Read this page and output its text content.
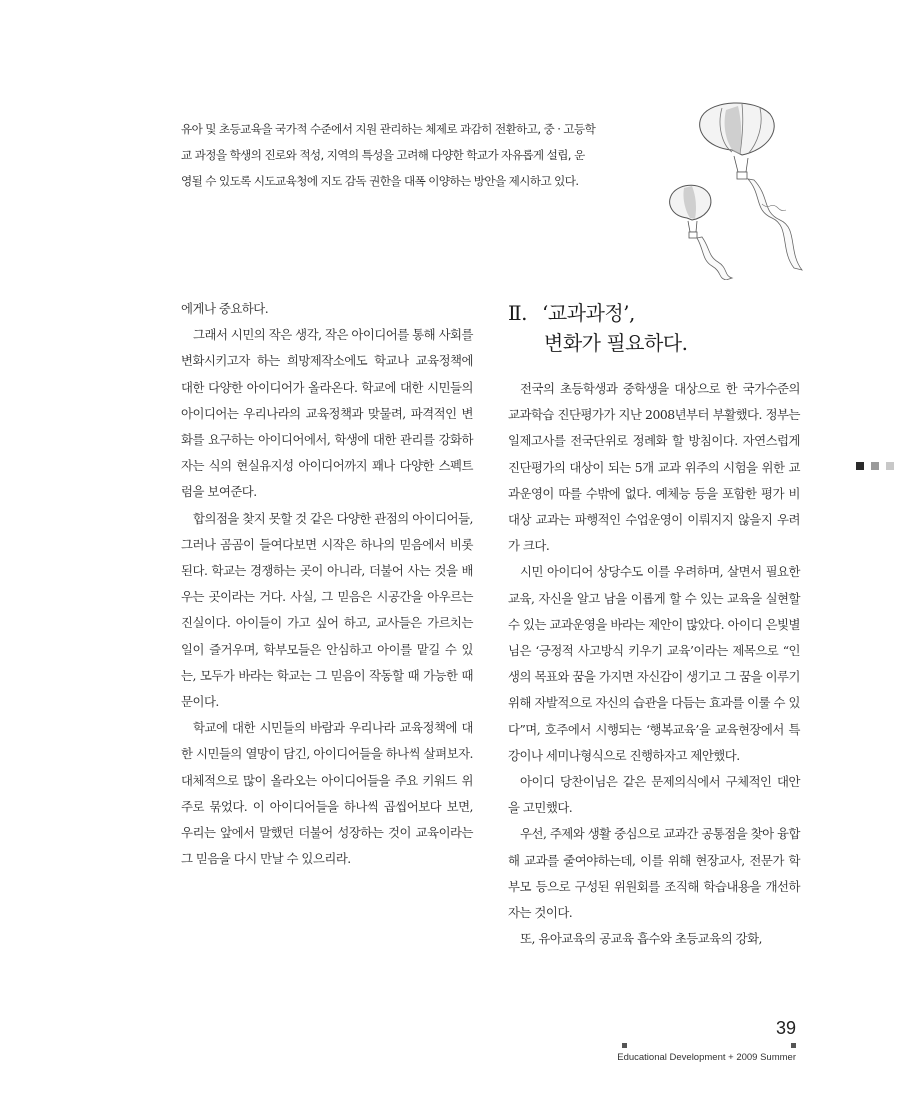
유아 및 초등교육을 국가적 수준에서 지원 관리하는 체제로 과감히 전환하고, 중 · 고등학

교 과정을 학생의 진로와 적성, 지역의 특성을 고려해 다양한 학교가 자유롭게 설립, 운

영될 수 있도록 시도교육청에 지도 감독 권한을 대폭 이양하는 방안을 제시하고 있다.

에게나 중요하다.

그래서 시민의 작은 생각, 작은 아이디어를 통해 사회를 변화시키고자 하는 희망제작소에도 학교나 교육정책에 대한 다양한 아이디어가 올라온다. 학교에 대한 시민들의 아이디어는 우리나라의 교육정책과 맞물려, 파격적인 변화를 요구하는 아이디어에서, 학생에 대한 관리를 강화하자는 식의 현실유지성 아이디어까지 꽤나 다양한 스펙트럼을 보여준다.

합의점을 찾지 못할 것 같은 다양한 관점의 아이디어들, 그러나 곰곰이 들여다보면 시작은 하나의 믿음에서 비롯된다. 학교는 경쟁하는 곳이 아니라, 더불어 사는 것을 배우는 곳이라는 거다. 사실, 그 믿음은 시공간을 아우르는 진실이다. 아이들이 가고 싶어 하고, 교사들은 가르치는 일이 즐거우며, 학부모들은 안심하고 아이를 맡길 수 있는, 모두가 바라는 학교는 그 믿음이 작동할 때 가능한 때문이다.

학교에 대한 시민들의 바람과 우리나라 교육정책에 대한 시민들의 열망이 담긴, 아이디어들을 하나씩 살펴보자. 대체적으로 많이 올라오는 아이디어들을 주요 키워드 위주로 묶었다. 이 아이디어들을 하나씩 곱씹어보다 보면, 우리는 앞에서 말했던 더불어 성장하는 것이 교육이라는 그 믿음을 다시 만날 수 있으리라.

Ⅱ. ‘교과과정’,
변화가 필요하다.

전국의 초등학생과 중학생을 대상으로 한 국가수준의 교과학습 진단평가가 지난 2008년부터 부활했다. 정부는 일제고사를 전국단위로 정례화 할 방침이다. 자연스럽게 진단평가의 대상이 되는 5개 교과 위주의 시험을 위한 교과운영이 따를 수밖에 없다. 예체능 등을 포함한 평가 비대상 교과는 파행적인 수업운영이 이뤄지지 않을지 우려가 크다.

시민 아이디어 상당수도 이를 우려하며, 살면서 필요한 교육, 자신을 알고 남을 이롭게 할 수 있는 교육을 실현할 수 있는 교과운영을 바라는 제안이 많았다. 아이디 은빛별님은 ‘긍정적 사고방식 키우기 교육’이라는 제목으로 “인생의 목표와 꿈을 가지면 자신감이 생기고 그 꿈을 이루기 위해 자발적으로 자신의 습관을 다듬는 효과를 이룰 수 있다”며, 호주에서 시행되는 ‘행복교육’을 교육현장에서 특강이나 세미나형식으로 진행하자고 제안했다.

아이디 당찬이님은 같은 문제의식에서 구체적인 대안을 고민했다.

우선, 주제와 생활 중심으로 교과간 공통점을 찾아 융합해 교과를 줄여야하는데, 이를 위해 현장교사, 전문가 학부모 등으로 구성된 위원회를 조직해 학습내용을 개선하자는 것이다.

또, 유아교육의 공교육 흡수와 초등교육의 강화,

39
Educational Development + 2009 Summer
